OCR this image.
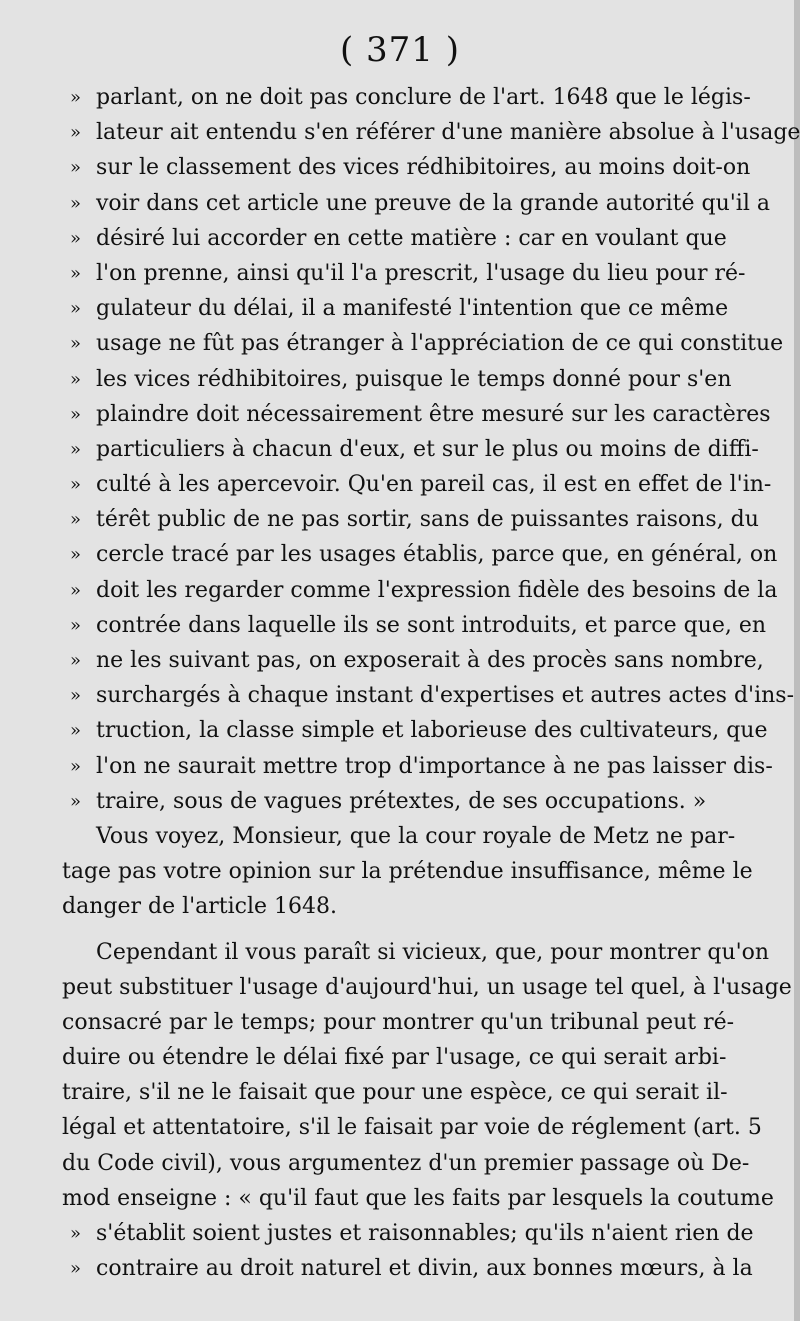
( 371 )
» parlant, on ne doit pas conclure de l'art. 1648 que le légis-
» lateur ait entendu s'en référer d'une manière absolue à l'usage
» sur le classement des vices rédhibitoires, au moins doit-on
» voir dans cet article une preuve de la grande autorité qu'il a
» désiré lui accorder en cette matière : car en voulant que
» l'on prenne, ainsi qu'il l'a prescrit, l'usage du lieu pour ré-
» gulateur du délai, il a manifesté l'intention que ce même
» usage ne fût pas étranger à l'appréciation de ce qui constitue
» les vices rédhibitoires, puisque le temps donné pour s'en
» plaindre doit nécessairement être mesuré sur les caractères
» particuliers à chacun d'eux, et sur le plus ou moins de diffi-
» culté à les apercevoir. Qu'en pareil cas, il est en effet de l'in-
» térêt public de ne pas sortir, sans de puissantes raisons, du
» cercle tracé par les usages établis, parce que, en général, on
» doit les regarder comme l'expression fidèle des besoins de la
» contrée dans laquelle ils se sont introduits, et parce que, en
» ne les suivant pas, on exposerait à des procès sans nombre,
» surchargés à chaque instant d'expertises et autres actes d'ins-
» truction, la classe simple et laborieuse des cultivateurs, que
» l'on ne saurait mettre trop d'importance à ne pas laisser dis-
» traire, sous de vagues prétextes, de ses occupations. »
Vous voyez, Monsieur, que la cour royale de Metz ne par-
tage pas votre opinion sur la prétendue insuffisance, même le
danger de l'article 1648.
Cependant il vous paraît si vicieux, que, pour montrer qu'on
peut substituer l'usage d'aujourd'hui, un usage tel quel, à l'usage
consacré par le temps; pour montrer qu'un tribunal peut ré-
duire ou étendre le délai fixé par l'usage, ce qui serait arbi-
traire, s'il ne le faisait que pour une espèce, ce qui serait il-
légal et attentatoire, s'il le faisait par voie de réglement (art. 5
du Code civil), vous argumentez d'un premier passage où De-
mod enseigne : « qu'il faut que les faits par lesquels la coutume
» s'établit soient justes et raisonnables; qu'ils n'aient rien de
» contraire au droit naturel et divin, aux bonnes mœurs, à la
